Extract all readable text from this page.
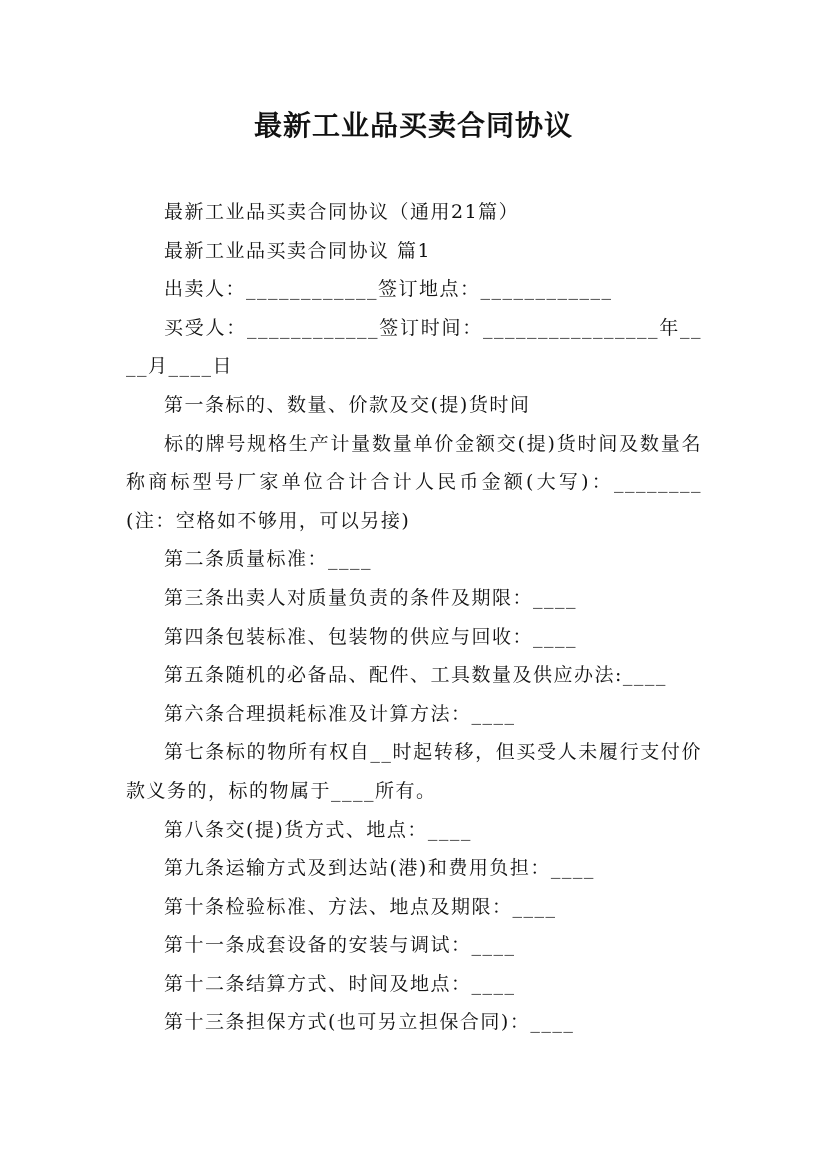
最新工业品买卖合同协议

最新工业品买卖合同协议（通用21篇）

最新工业品买卖合同协议 篇1

出卖人：____________签订地点：____________

买受人：____________签订时间：________________年____月____日

第一条标的、数量、价款及交(提)货时间

标的牌号规格生产计量数量单价金额交(提)货时间及数量名称商标型号厂家单位合计合计人民币金额(大写)：________(注：空格如不够用，可以另接)

第二条质量标准：____

第三条出卖人对质量负责的条件及期限：____

第四条包装标准、包装物的供应与回收：____

第五条随机的必备品、配件、工具数量及供应办法:____

第六条合理损耗标准及计算方法：____

第七条标的物所有权自__时起转移，但买受人未履行支付价款义务的，标的物属于____所有。

第八条交(提)货方式、地点：____

第九条运输方式及到达站(港)和费用负担：____

第十条检验标准、方法、地点及期限：____

第十一条成套设备的安装与调试：____

第十二条结算方式、时间及地点：____

第十三条担保方式(也可另立担保合同)：____
